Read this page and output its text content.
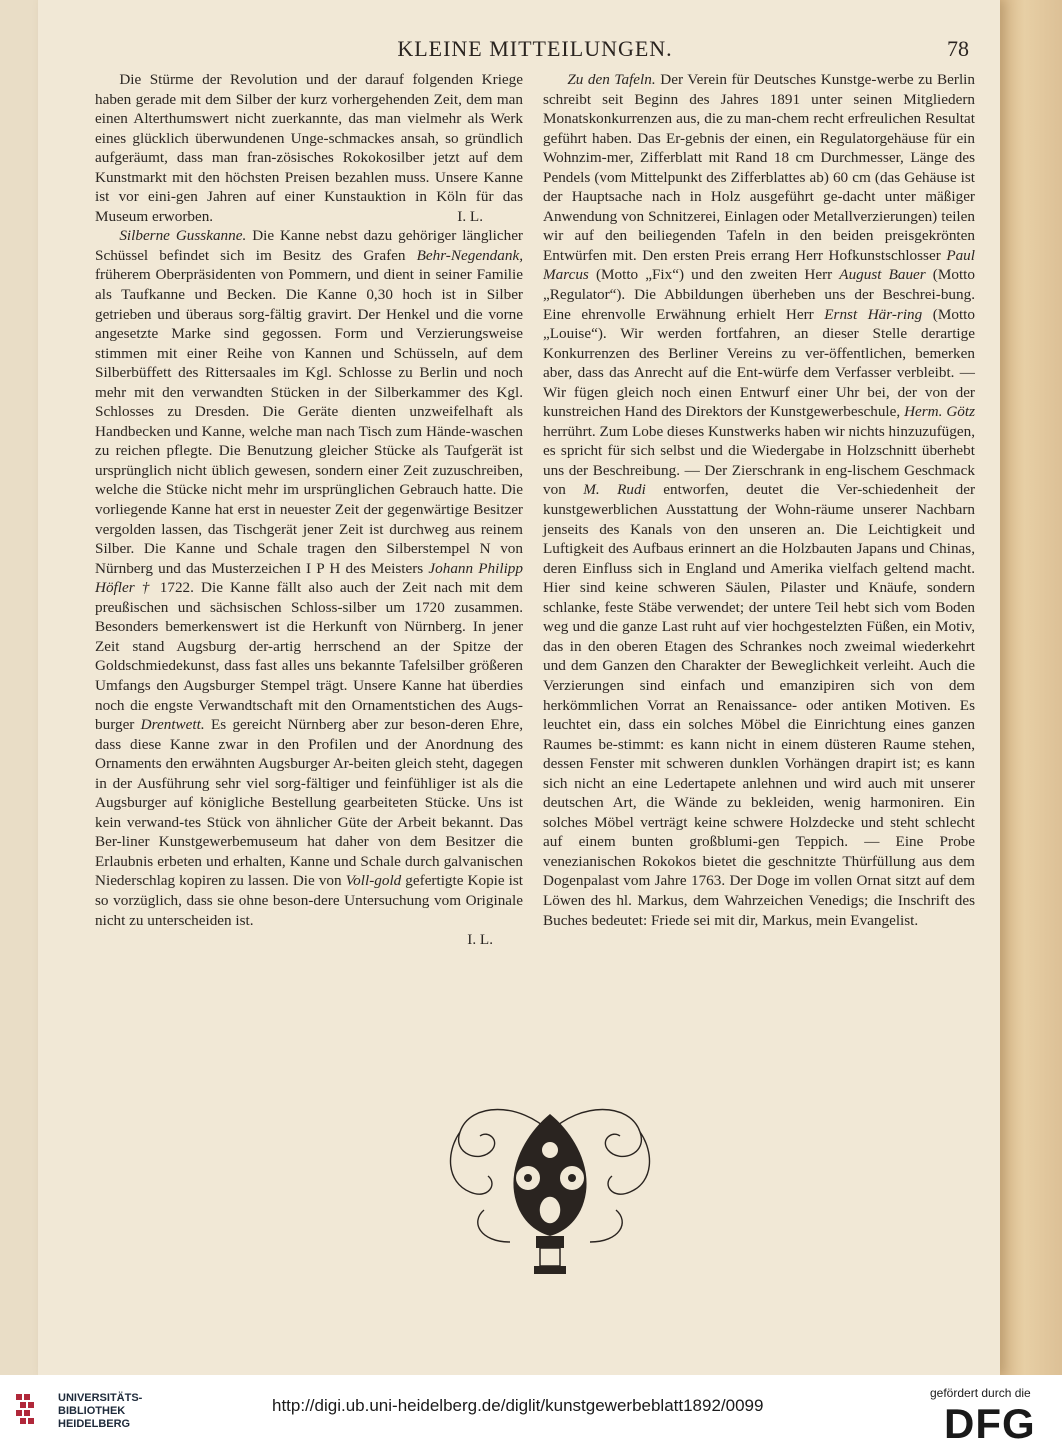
KLEINE MITTEILUNGEN.	78

Die Stürme der Revolution und der darauf folgenden Kriege haben gerade mit dem Silber der kurz vorhergehenden Zeit, dem man einen Alterthumswert nicht zuerkannte, das man vielmehr als Werk eines glücklich überwundenen Unge-schmackes ansah, so gründlich aufgeräumt, dass man fran-zösisches Rokokosilber jetzt auf dem Kunstmarkt mit den höchsten Preisen bezahlen muss. Unsere Kanne ist vor eini-gen Jahren auf einer Kunstauktion in Köln für das Museum erworben.	I. L.

Silberne Gusskanne. Die Kanne nebst dazu gehöriger länglicher Schüssel befindet sich im Besitz des Grafen Behr-Negendank, früherem Oberpräsidenten von Pommern, und dient in seiner Familie als Taufkanne und Becken. Die Kanne 0,30 hoch ist in Silber getrieben und überaus sorg-fältig gravirt. Der Henkel und die vorne angesetzte Marke sind gegossen. Form und Verzierungsweise stimmen mit einer Reihe von Kannen und Schüsseln, auf dem Silberbüffett des Rittersaales im Kgl. Schlosse zu Berlin und noch mehr mit den verwandten Stücken in der Silberkammer des Kgl. Schlosses zu Dresden. Die Geräte dienten unzweifelhaft als Handbecken und Kanne, welche man nach Tisch zum Hände-waschen zu reichen pflegte. Die Benutzung gleicher Stücke als Taufgerät ist ursprünglich nicht üblich gewesen, sondern einer Zeit zuzuschreiben, welche die Stücke nicht mehr im ursprünglichen Gebrauch hatte. Die vorliegende Kanne hat erst in neuester Zeit der gegenwärtige Besitzer vergolden lassen, das Tischgerät jener Zeit ist durchweg aus reinem Silber. Die Kanne und Schale tragen den Silberstempel N von Nürnberg und das Musterzeichen I P H des Meisters Johann Philipp Höfler † 1722. Die Kanne fällt also auch der Zeit nach mit dem preußischen und sächsischen Schloss-silber um 1720 zusammen. Besonders bemerkenswert ist die Herkunft von Nürnberg. In jener Zeit stand Augsburg der-artig herrschend an der Spitze der Goldschmiedekunst, dass fast alles uns bekannte Tafelsilber größeren Umfangs den Augsburger Stempel trägt. Unsere Kanne hat überdies noch die engste Verwandtschaft mit den Ornamentstichen des Augs-burger Drentwett. Es gereicht Nürnberg aber zur beson-deren Ehre, dass diese Kanne zwar in den Profilen und der Anordnung des Ornaments den erwähnten Augsburger Ar-beiten gleich steht, dagegen in der Ausführung sehr viel sorg-fältiger und feinfühliger ist als die Augsburger auf königliche Bestellung gearbeiteten Stücke. Uns ist kein verwand-tes Stück von ähnlicher Güte der Arbeit bekannt. Das Ber-liner Kunstgewerbemuseum hat daher von dem Besitzer die Erlaubnis erbeten und erhalten, Kanne und Schale durch galvanischen Niederschlag kopiren zu lassen. Die von Voll-gold gefertigte Kopie ist so vorzüglich, dass sie ohne beson-dere Untersuchung vom Originale nicht zu unterscheiden ist.

I. L.

Zu den Tafeln. Der Verein für Deutsches Kunstge-werbe zu Berlin schreibt seit Beginn des Jahres 1891 unter seinen Mitgliedern Monatskonkurrenzen aus, die zu man-chem recht erfreulichen Resultat geführt haben. Das Er-gebnis der einen, ein Regulatorgehäuse für ein Wohnzim-mer, Zifferblatt mit Rand 18 cm Durchmesser, Länge des Pendels (vom Mittelpunkt des Zifferblattes ab) 60 cm (das Gehäuse ist der Hauptsache nach in Holz ausgeführt ge-dacht unter mäßiger Anwendung von Schnitzerei, Einlagen oder Metallverzierungen) teilen wir auf den beiliegenden Tafeln in den beiden preisgekrönten Entwürfen mit. Den ersten Preis errang Herr Hofkunstschlosser Paul Marcus (Motto „Fix“) und den zweiten Herr August Bauer (Motto „Regulator“). Die Abbildungen überheben uns der Beschrei-bung. Eine ehrenvolle Erwähnung erhielt Herr Ernst Här-ring (Motto „Louise“). Wir werden fortfahren, an dieser Stelle derartige Konkurrenzen des Berliner Vereins zu ver-öffentlichen, bemerken aber, dass das Anrecht auf die Ent-würfe dem Verfasser verbleibt. — Wir fügen gleich noch einen Entwurf einer Uhr bei, der von der kunstreichen Hand des Direktors der Kunstgewerbeschule, Herm. Götz herrührt. Zum Lobe dieses Kunstwerks haben wir nichts hinzuzufügen, es spricht für sich selbst und die Wiedergabe in Holzschnitt überhebt uns der Beschreibung. — Der Zierschrank in eng-lischem Geschmack von M. Rudi entworfen, deutet die Ver-schiedenheit der kunstgewerblichen Ausstattung der Wohn-räume unserer Nachbarn jenseits des Kanals von den unseren an. Die Leichtigkeit und Luftigkeit des Aufbaus erinnert an die Holzbauten Japans und Chinas, deren Einfluss sich in England und Amerika vielfach geltend macht. Hier sind keine schweren Säulen, Pilaster und Knäufe, sondern schlanke, feste Stäbe verwendet; der untere Teil hebt sich vom Boden weg und die ganze Last ruht auf vier hochgestelzten Füßen, ein Motiv, das in den oberen Etagen des Schrankes noch zweimal wiederkehrt und dem Ganzen den Charakter der Beweglichkeit verleiht. Auch die Verzierungen sind einfach und emanzipiren sich von dem herkömmlichen Vorrat an Renaissance- oder antiken Motiven. Es leuchtet ein, dass ein solches Möbel die Einrichtung eines ganzen Raumes be-stimmt: es kann nicht in einem düsteren Raume stehen, dessen Fenster mit schweren dunklen Vorhängen drapirt ist; es kann sich nicht an eine Ledertapete anlehnen und wird auch mit unserer deutschen Art, die Wände zu bekleiden, wenig harmoniren. Ein solches Möbel verträgt keine schwere Holzdecke und steht schlecht auf einem bunten großblumi-gen Teppich. — Eine Probe venezianischen Rokokos bietet die geschnitzte Thürfüllung aus dem Dogenpalast vom Jahre 1763. Der Doge im vollen Ornat sitzt auf dem Löwen des hl. Markus, dem Wahrzeichen Venedigs; die Inschrift des Buches bedeutet: Friede sei mit dir, Markus, mein Evangelist.

UNIVERSITÄTS-
BIBLIOTHEK
HEIDELBERG
http://digi.ub.uni-heidelberg.de/diglit/kunstgewerbeblatt1892/0099
gefördert durch die
DFG
